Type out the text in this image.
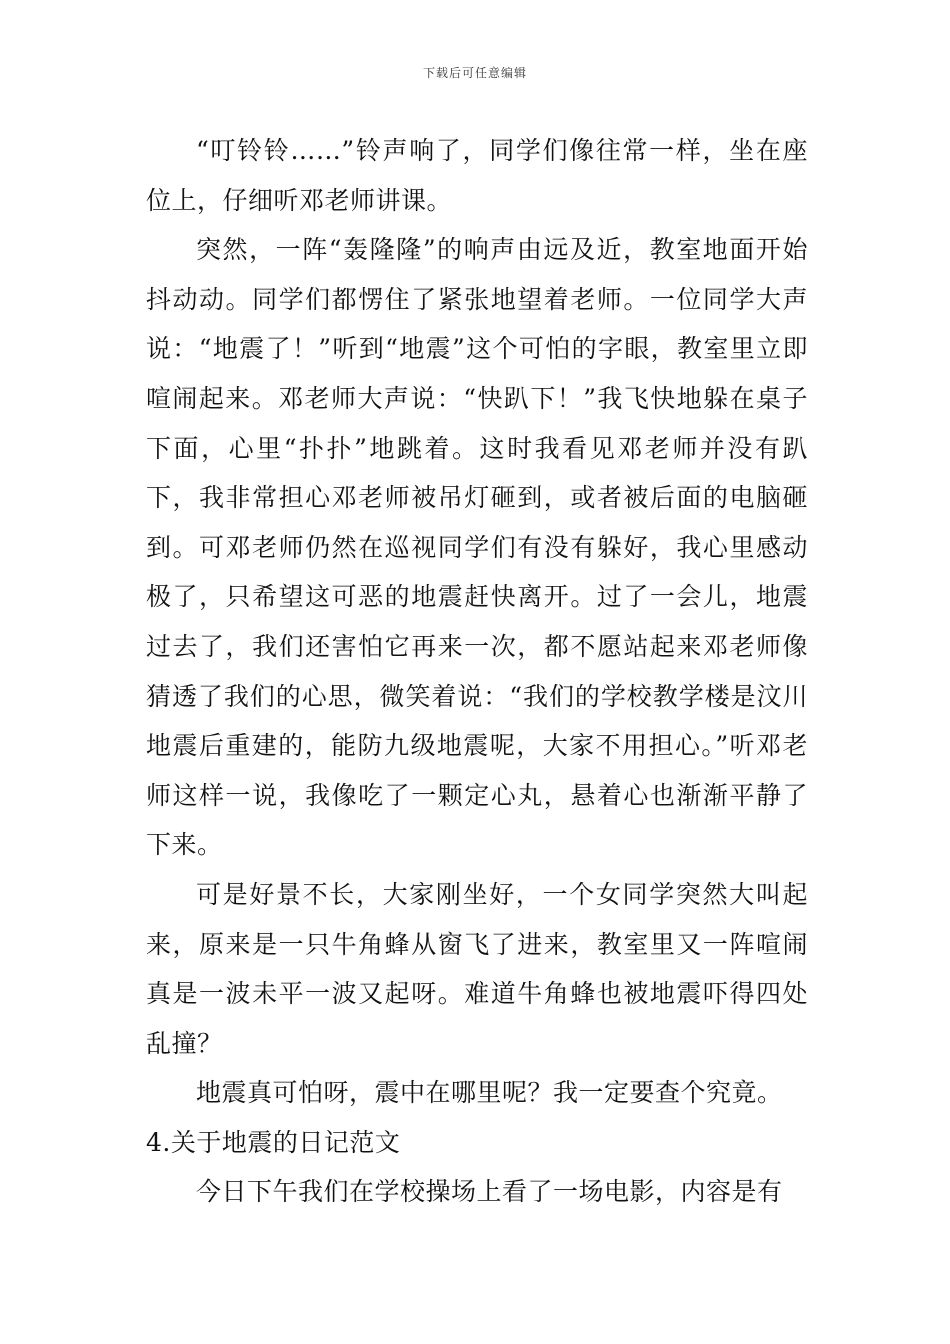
下载后可任意编辑

“叮铃铃……”铃声响了，同学们像往常一样，坐在座位上，仔细听邓老师讲课。

突然，一阵“轰隆隆”的响声由远及近，教室地面开始抖动动。同学们都愣住了紧张地望着老师。一位同学大声说：“地震了！”听到“地震”这个可怕的字眼，教室里立即喧闹起来。邓老师大声说：“快趴下！”我飞快地躲在桌子下面，心里“扑扑”地跳着。这时我看见邓老师并没有趴下，我非常担心邓老师被吊灯砸到，或者被后面的电脑砸到。可邓老师仍然在巡视同学们有没有躲好，我心里感动极了，只希望这可恶的地震赶快离开。过了一会儿，地震过去了，我们还害怕它再来一次，都不愿站起来邓老师像猜透了我们的心思，微笑着说：“我们的学校教学楼是汶川地震后重建的，能防九级地震呢，大家不用担心。”听邓老师这样一说，我像吃了一颗定心丸，悬着心也渐渐平静了下来。

可是好景不长，大家刚坐好，一个女同学突然大叫起来，原来是一只牛角蜂从窗飞了进来，教室里又一阵喧闹真是一波未平一波又起呀。难道牛角蜂也被地震吓得四处乱撞？

地震真可怕呀，震中在哪里呢？我一定要查个究竟。

4.关于地震的日记范文

今日下午我们在学校操场上看了一场电影，内容是有
